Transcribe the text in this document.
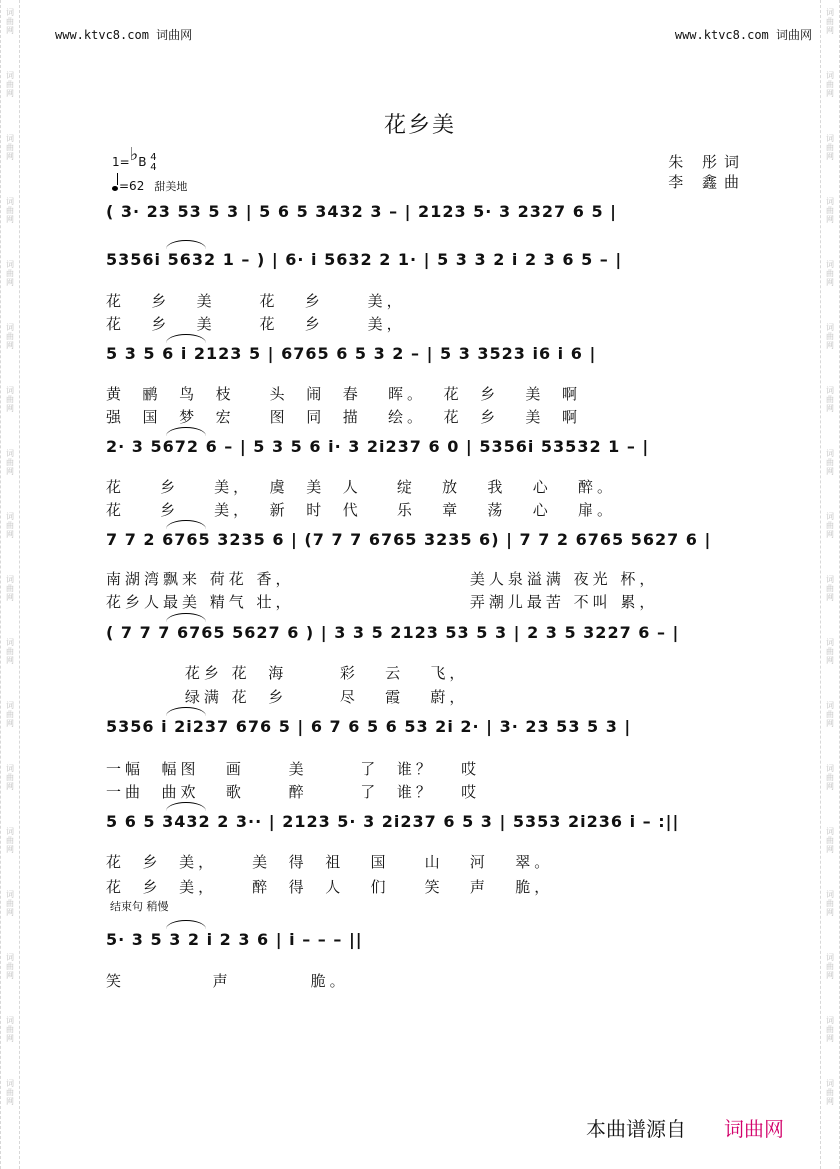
词
曲
网
词
曲
网
词
曲
网
词
曲
网
词
曲
网
词
曲
网
词
曲
网
词
曲
网
词
曲
网
词
曲
网
词
曲
网
词
曲
网
词
曲
网
词
曲
网
词
曲
网
词
曲
网
词
曲
网
词
曲
网
词
曲
网
词
曲
网
词
曲
网
词
曲
网
词
曲
网
词
曲
网
词
曲
网
词
曲
网
词
曲
网
词
曲
网
词
曲
网
词
曲
网
词
曲
网
词
曲
网
词
曲
网
词
曲
网
词
曲
网
词
曲
网
www.ktvc8.com 词曲网	www.ktvc8.com 词曲网
花乡美
1=♭B 4
4
=62 甜美地
朱 彤词
李 鑫曲
( 3· 23 53 5 3 | 5 6 5 3432 3 – | 2123 5· 3 2327 6 5 |
5356i 5632 1 – ) | 6· i 5632 2 1· | 5 3 3 2 i 2 3 6 5 – |
花   乡   美     花   乡     美，
花   乡   美     花   乡     美，
5 3 5 6 i 2123 5 | 6765 6 5 3 2 – | 5 3 3523 i6 i 6 |
黄  鹂  鸟  枝    头  闹  春   晖。  花  乡   美  啊
强  国  梦  宏    图  同  描   绘。  花  乡   美  啊
2· 3 5672 6 – | 5 3 5 6 i· 3 2i237 6 0 | 5356i 53532 1 – |
花    乡    美，  虞  美  人    绽   放   我   心   醉。
花    乡    美，  新  时  代    乐   章   荡   心   扉。
7 7 2 6765 3235 6 | (7 7 7 6765 3235 6) | 7 7 2 6765 5627 6 |
南湖湾飘来 荷花 香，                    美人泉溢满 夜光 杯，
花乡人最美 精气 壮，                    弄潮儿最苦 不叫 累，
( 7 7 7 6765 5627 6 ) | 3 3 5 2123 53 5 3 | 2 3 5 3227 6 – |
花乡 花  海      彩   云   飞，
绿满 花  乡      尽   霞   蔚，
5356 i 2i237 676 5 | 6 7 6 5 6 53 2i 2· | 3· 23 53 5 3 |
一幅  幅图   画     美      了  谁？   哎
一曲  曲欢   歌     醉      了  谁？   哎
5 6 5 3432 2 3·· | 2123 5· 3 2i237 6 5 3 | 5353 2i236 i – :||
花  乡  美，    美  得  祖   国    山   河   翠。
花  乡  美，    醉  得  人   们    笑   声   脆，
结束句 稍慢
5· 3 5 3 2 i 2 3 6 | i – – – ||
笑          声         脆。
本曲谱源自 词曲网
